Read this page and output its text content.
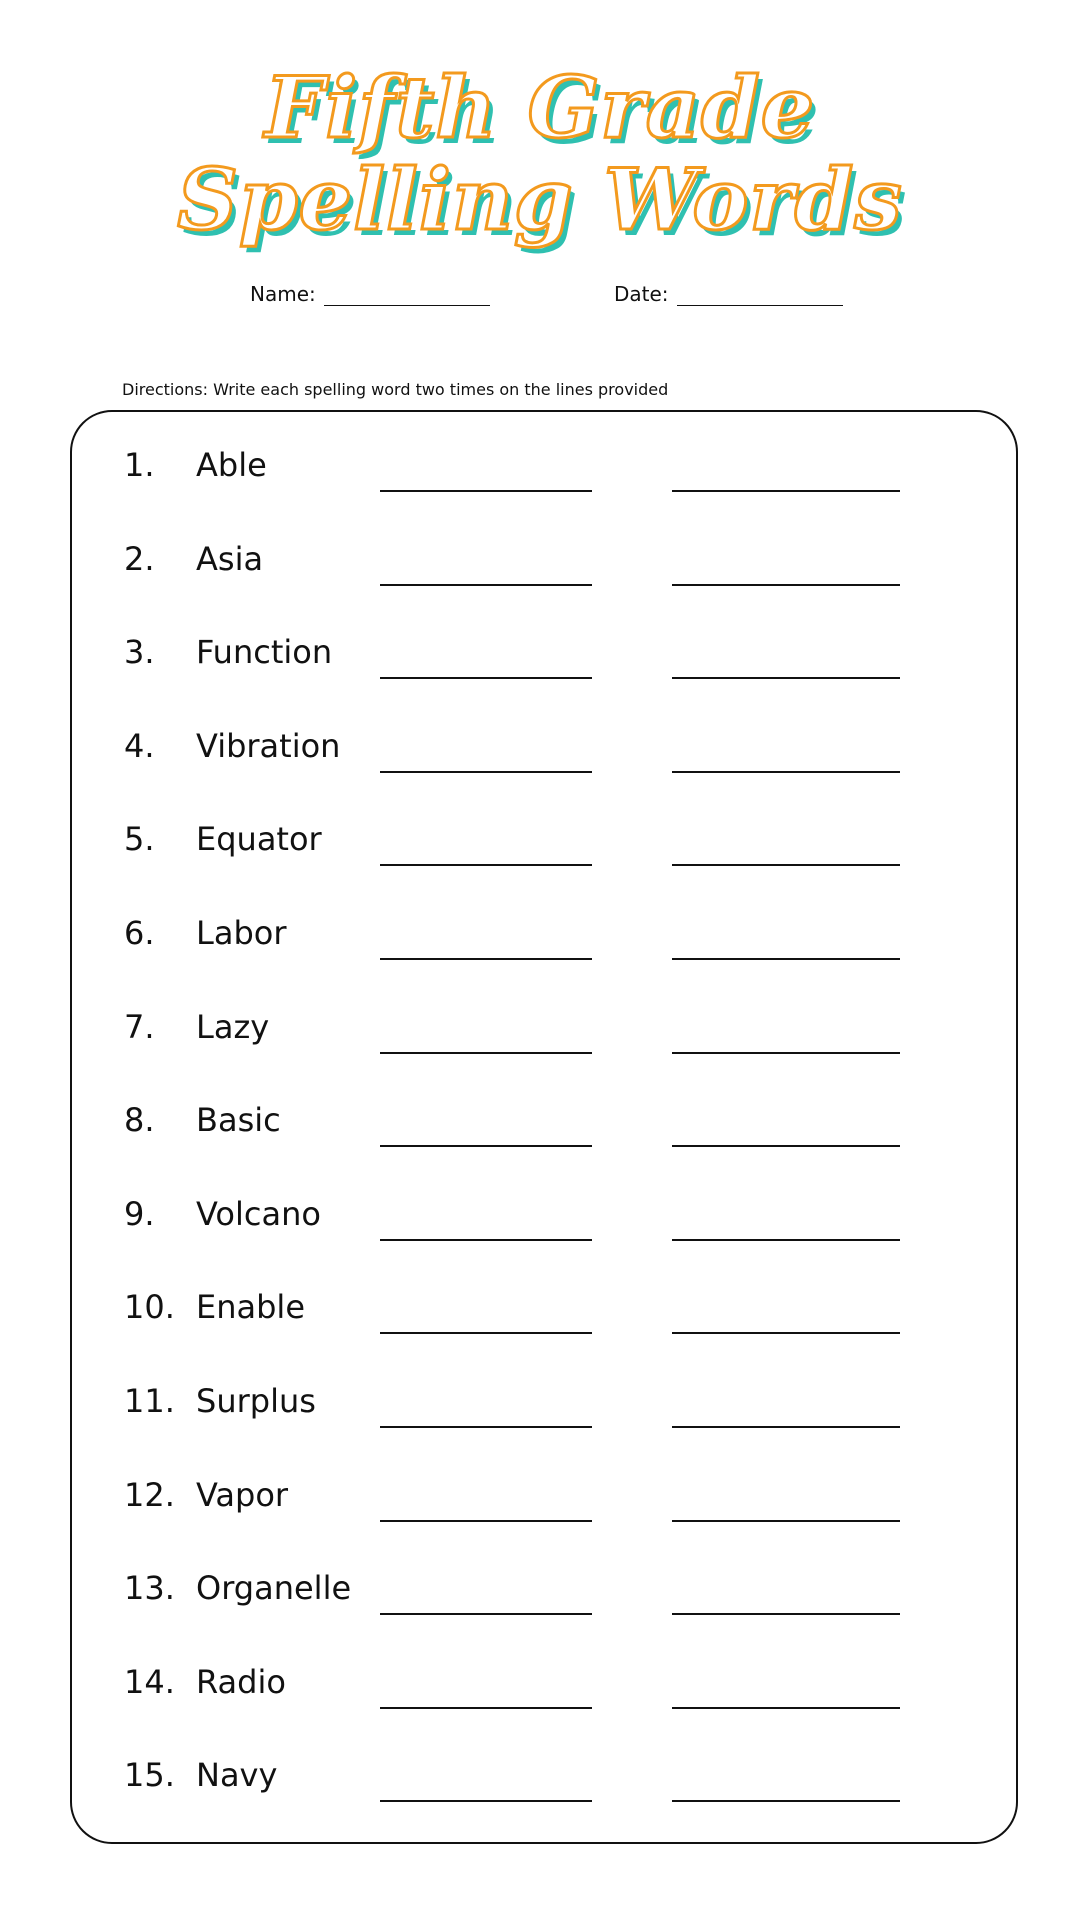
Fifth Grade
Spelling Words
Name:	Date:
Directions: Write each spelling word two times on the lines provided
1. Able
2. Asia
3. Function
4. Vibration
5. Equator
6. Labor
7. Lazy
8. Basic
9. Volcano
10. Enable
11. Surplus
12. Vapor
13. Organelle
14. Radio
15. Navy
